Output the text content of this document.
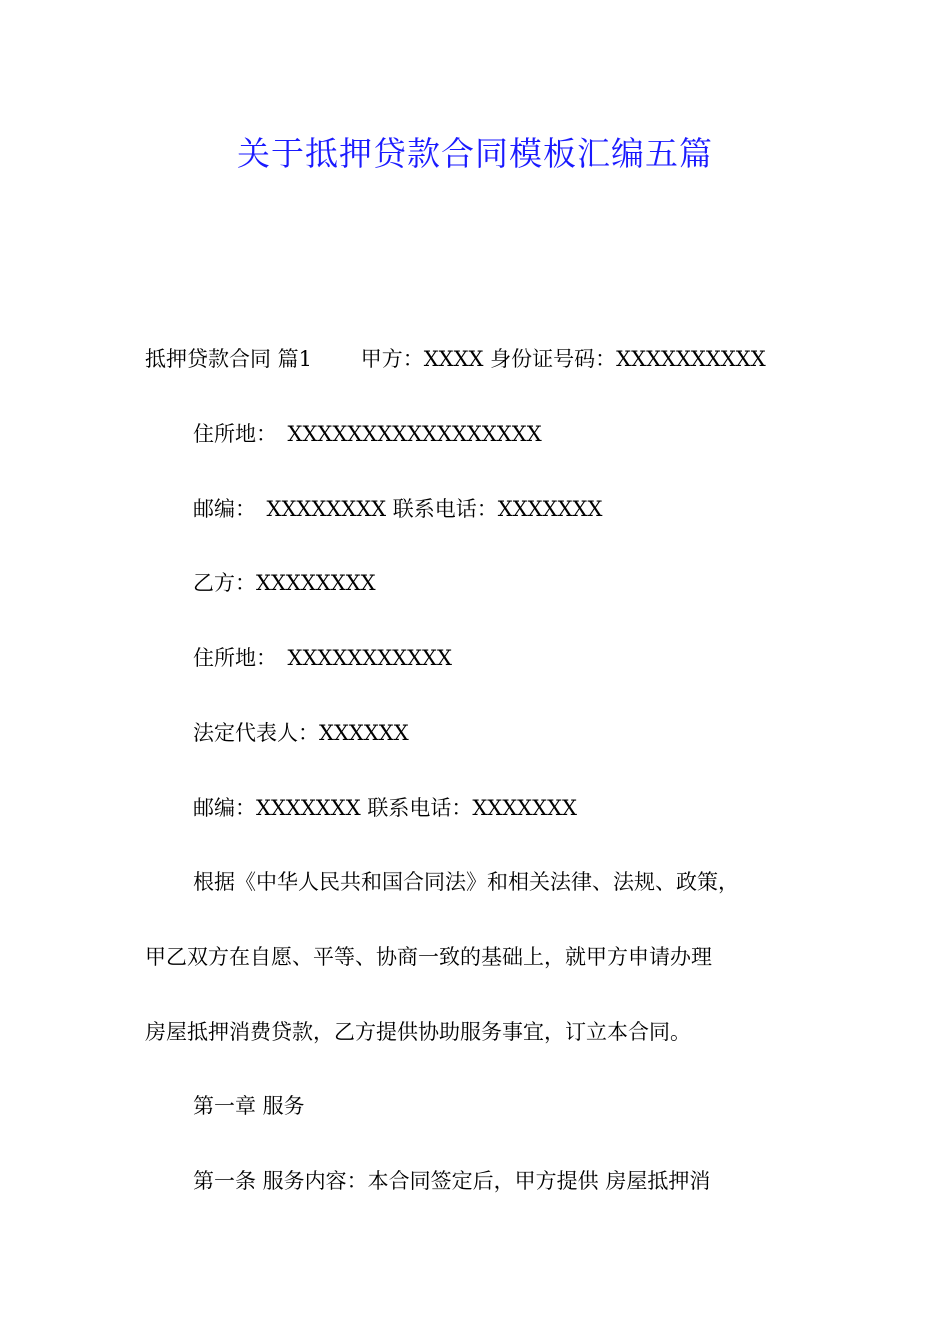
关于抵押贷款合同模板汇编五篇

抵押贷款合同 篇1　　 甲方：XXXX 身份证号码：XXXXXXXXXX

住所地：　XXXXXXXXXXXXXXXXX

邮编：　XXXXXXXX 联系电话：XXXXXXX

乙方：XXXXXXXX

住所地：　XXXXXXXXXXX

法定代表人：XXXXXX

邮编：XXXXXXX 联系电话：XXXXXXX

根据《中华人民共和国合同法》和相关法律、法规、政策，

甲乙双方在自愿、平等、协商一致的基础上，就甲方申请办理

房屋抵押消费贷款，乙方提供协助服务事宜，订立本合同。

第一章 服务

第一条 服务内容：本合同签定后，甲方提供 房屋抵押消
